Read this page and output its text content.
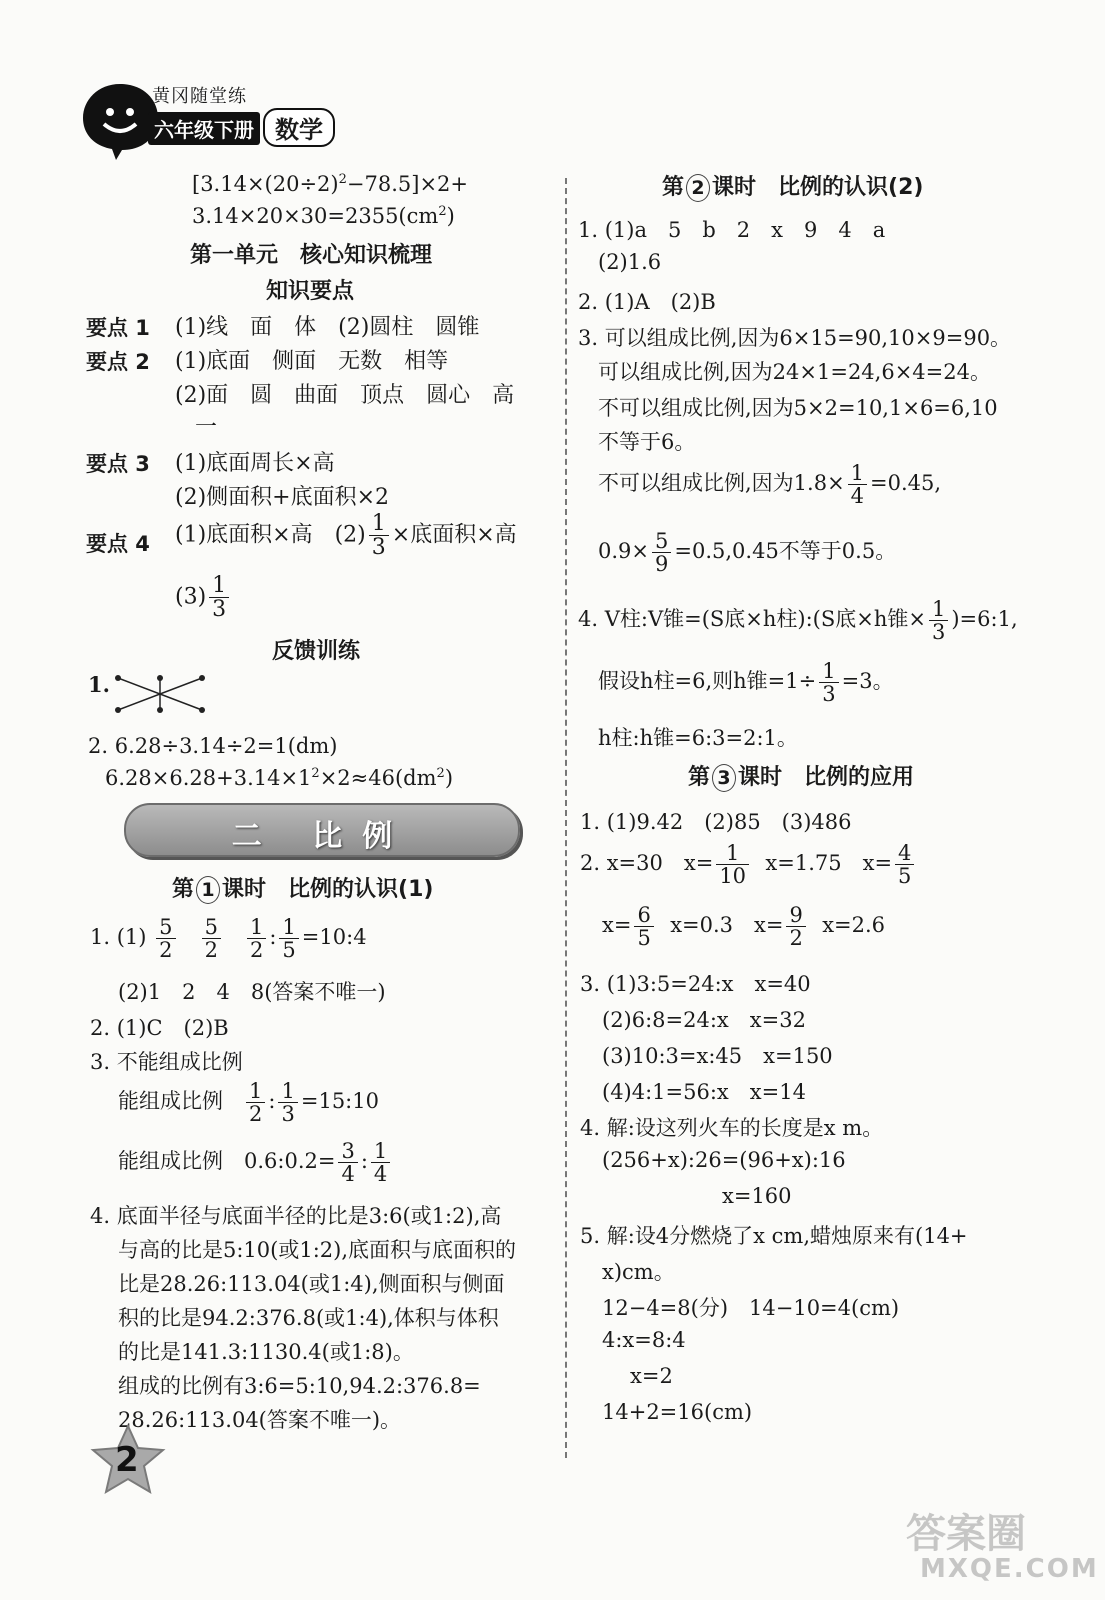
黄冈随堂练
六年级下册 数学
$[3.14\times(20\div 2)^2-78.5]\times 2+$
$3.14\times 20\times 30=2355(cm^2)$
第一单元　核心知识梳理
知识要点
要点 1 (1)线　面　体　(2)圆柱　圆锥
要点 2 (1)底面　侧面　无数　相等
(2)面　圆　曲面　顶点　圆心　高
一
要点 3 (1)底面周长×高
(2)侧面积+底面积×2
要点 4 (1)底面积×高　$(2) \frac{1}{3}$ ×底面积×高
$(3) \frac{1}{3}$
反馈训练
1.
2. 6.28÷3.14÷2=1(dm)
$6.28\times 6.28+3.14\times 1^2\times 2\approx 46(dm^2)$
二 比例
第 1 课时　比例的认识(1)
1. $(1) \frac{5}{2}$
$\frac{5}{2}$
$\frac{1}{2}$ : $\frac{1}{5}$ =10:4
(2)1　2　4　8(答案不唯一)
2. (1)C　(2)B
3. 不能组成比例
能组成比例 $\frac{1}{2}$ : $\frac{1}{3}$ =15:10
能组成比例　0.6:0.2= $\frac{3}{4}$ : $\frac{1}{4}$
4. 底面半径与底面半径的比是3:6(或1:2),高
与高的比是5:10(或1:2),底面积与底面积的
比是28.26:113.04(或1:4),侧面积与侧面
积的比是94.2:376.8(或1:4),体积与体积
的比是141.3:1130.4(或1:8)。
组成的比例有3:6=5:10,94.2:376.8=
28.26:113.04(答案不唯一)。
第 2 课时　比例的认识(2)
1. (1)a　5　b　2　x　9　4　a
(2)1.6
2. (1)A　(2)B
3. 可以组成比例,因为6×15=90,10×9=90。
可以组成比例,因为24×1=24,6×4=24。
不可以组成比例,因为5×2=10,1×6=6,10
不等于6。
不可以组成比例,因为$1.8\times \frac{1}{4} =0.45$,
$0.9\times \frac{5}{9} =0.5,0.45$不等于0.5。
4. V柱:V锥=(S底×h柱):(S底×h锥× $\frac{1}{3}$ )=6:1,
假设h柱=6,则h锥$=1\div \frac{1}{3} =3$。
h柱:h锥=6:3=2:1。
第 3 课时　比例的应用
1. (1)9.42　(2)85　(3)486
2. x=30　$x= \frac{1}{10} x=1.75$　$x= \frac{4}{5}$
$x= \frac{6}{5} x=0.3$　$x= \frac{9}{2} x=2.6$
3. (1)3:5=24:x　x=40
(2)6:8=24:x　x=32
(3)10:3=x:45　x=150
(4)4:1=56:x　x=14
4. 解:设这列火车的长度是x m。
(256+x):26=(96+x):16
x=160
5. 解:设4分燃烧了x cm,蜡烛原来有(14+
x)cm。
12−4=8(分)　14−10=4(cm)
4:x=8:4
x=2
14+2=16(cm)
2
答案圈
MXQE.COM
